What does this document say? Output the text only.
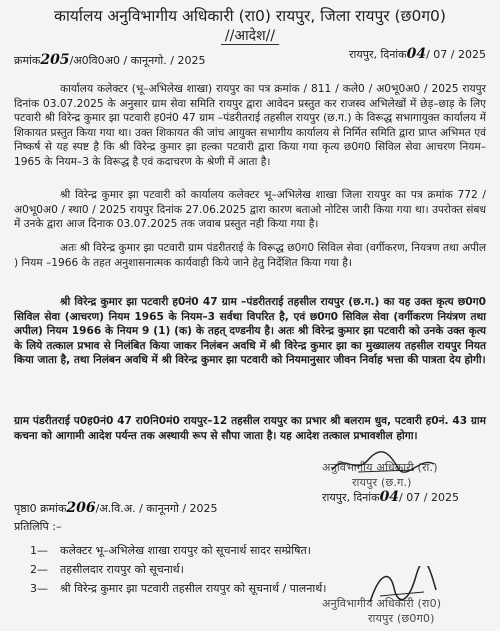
कार्यालय अनुविभागीय अधिकारी (रा0) रायपुर, जिला रायपुर (छ0ग0)
//आदेश//
क्रमांक205/अ0वि0अ0 / कानूनगो. / 2025	रायपुर, दिनांक04/ 07 / 2025

कार्यालय कलेक्टर (भू–अभिलेख शाखा) रायपुर का पत्र क्रमांक / 811 / कले0 / अ0भू0अ0 / 2025 रायपुर दिनांक 03.07.2025 के अनुसार ग्राम सेवा समिति रायपुर द्वारा आवेदन प्रस्तुत कर राजस्व अभिलेखों में छेड़–छाड़ के लिए पटवारी श्री विरेन्द्र कुमार झा पटवारी ह0नं0 47 ग्राम –पंडरीतराई तहसील रायपुर (छ.ग.) के विरूद्ध सभागायुक्त कार्यालय में शिकायत प्रस्तुत किया गया था। उक्त शिकायत की जांच आयुक्त सभागीय कार्यालय से निर्मित समिति द्वारा प्राप्त अभिमत एवं निष्कर्ष से यह स्पष्ट है कि श्री विरेन्द्र कुमार झा हल्का पटवारी द्वारा किया गया कृत्य छ0ग0 सिविल सेवा आचरण नियम–1965 के नियम–3 के विरूद्ध है एवं कदाचरण के श्रेणी में आता है।

श्री विरेन्द्र कुमार झा पटवारी को कार्यालय कलेक्टर भू–अभिलेख शाखा जिला रायपुर का पत्र क्रमांक 772 / अ0भू0अ0 / स्था0 / 2025 रायपुर दिनांक 27.06.2025 द्वारा कारण बताओ नोटिस जारी किया गया था। उपरोक्त संबध में उनके द्वारा आज दिनाक 03.07.2025 तक जवाब प्रस्तुत नही किया गया है।

अतः श्री विरेन्द्र कुमार झा पटवारी ग्राम पंडरीतराई के विरूद्ध छ0ग0 सिविल सेवा (वर्गीकरण, नियत्रण तथा अपील ) नियम –1966 के तहत अनुशासनात्मक कार्यवाही किये जाने हेतु निर्देशित किया गया है।

श्री विरेन्द्र कुमार झा पटवारी ह0नं0 47 ग्राम –पंडरीतराई तहसील रायपुर (छ.ग.) का यह उक्त कृत्य छ0ग0 सिविल सेवा (आचरण) नियम 1965 के नियम–3 सर्वथा विपरित है, एवं छ0ग0 सिविल सेवा (वर्गीकरण नियंत्रण तथा अपील) नियम 1966 के नियम 9 (1) (क) के तहत् दण्डनीय है। अतः श्री विरेन्द्र कुमार झा पटवारी को उनके उक्त कृत्य के लिये तत्काल प्रभाव से निलंबित किया जाकर निलंबन अवधि में श्री विरेन्द्र कुमार झा का मुख्यालय तहसील रायपुर नियत किया जाता है, तथा निलंबन अवधि में श्री विरेन्द्र कुमार झा पटवारी को नियमानुसार जीवन निर्वाह भत्ता की पात्रता देय होगी।

ग्राम पंडरीतराई प0ह0नं0 47 रा0नि0मं0 रायपुर–12 तहसील रायपुर का प्रभार श्री बलराम धुव, पटवारी ह0नं. 43 ग्राम कचना को आगामी आदेश पर्यन्त तक अस्थायी रूप से सौपा जाता है। यह आदेश तत्काल प्रभावशील होगा।

अनुविभागीय अधिकारी (रा.)
रायपुर (छ.ग.)
रायपुर, दिनांक04/ 07 / 2025
पृष्ठा0 क्रमांक206/अ.वि.अ. / कानूनगो / 2025
प्रतिलिपि :–
1— कलेक्टर भू–अभिलेख शाखा रायपुर को सूचनार्थ सादर सम्प्रेषित।
2— तहसीलदार रायपुर को सूचनार्थ।
3— श्री विरेन्द्र कुमार झा पटवारी तहसील रायपुर को सूचनार्थ / पालनार्थ।
अनुविभागीय अधिकारी (रा0)
रायपुर (छ0ग0)
